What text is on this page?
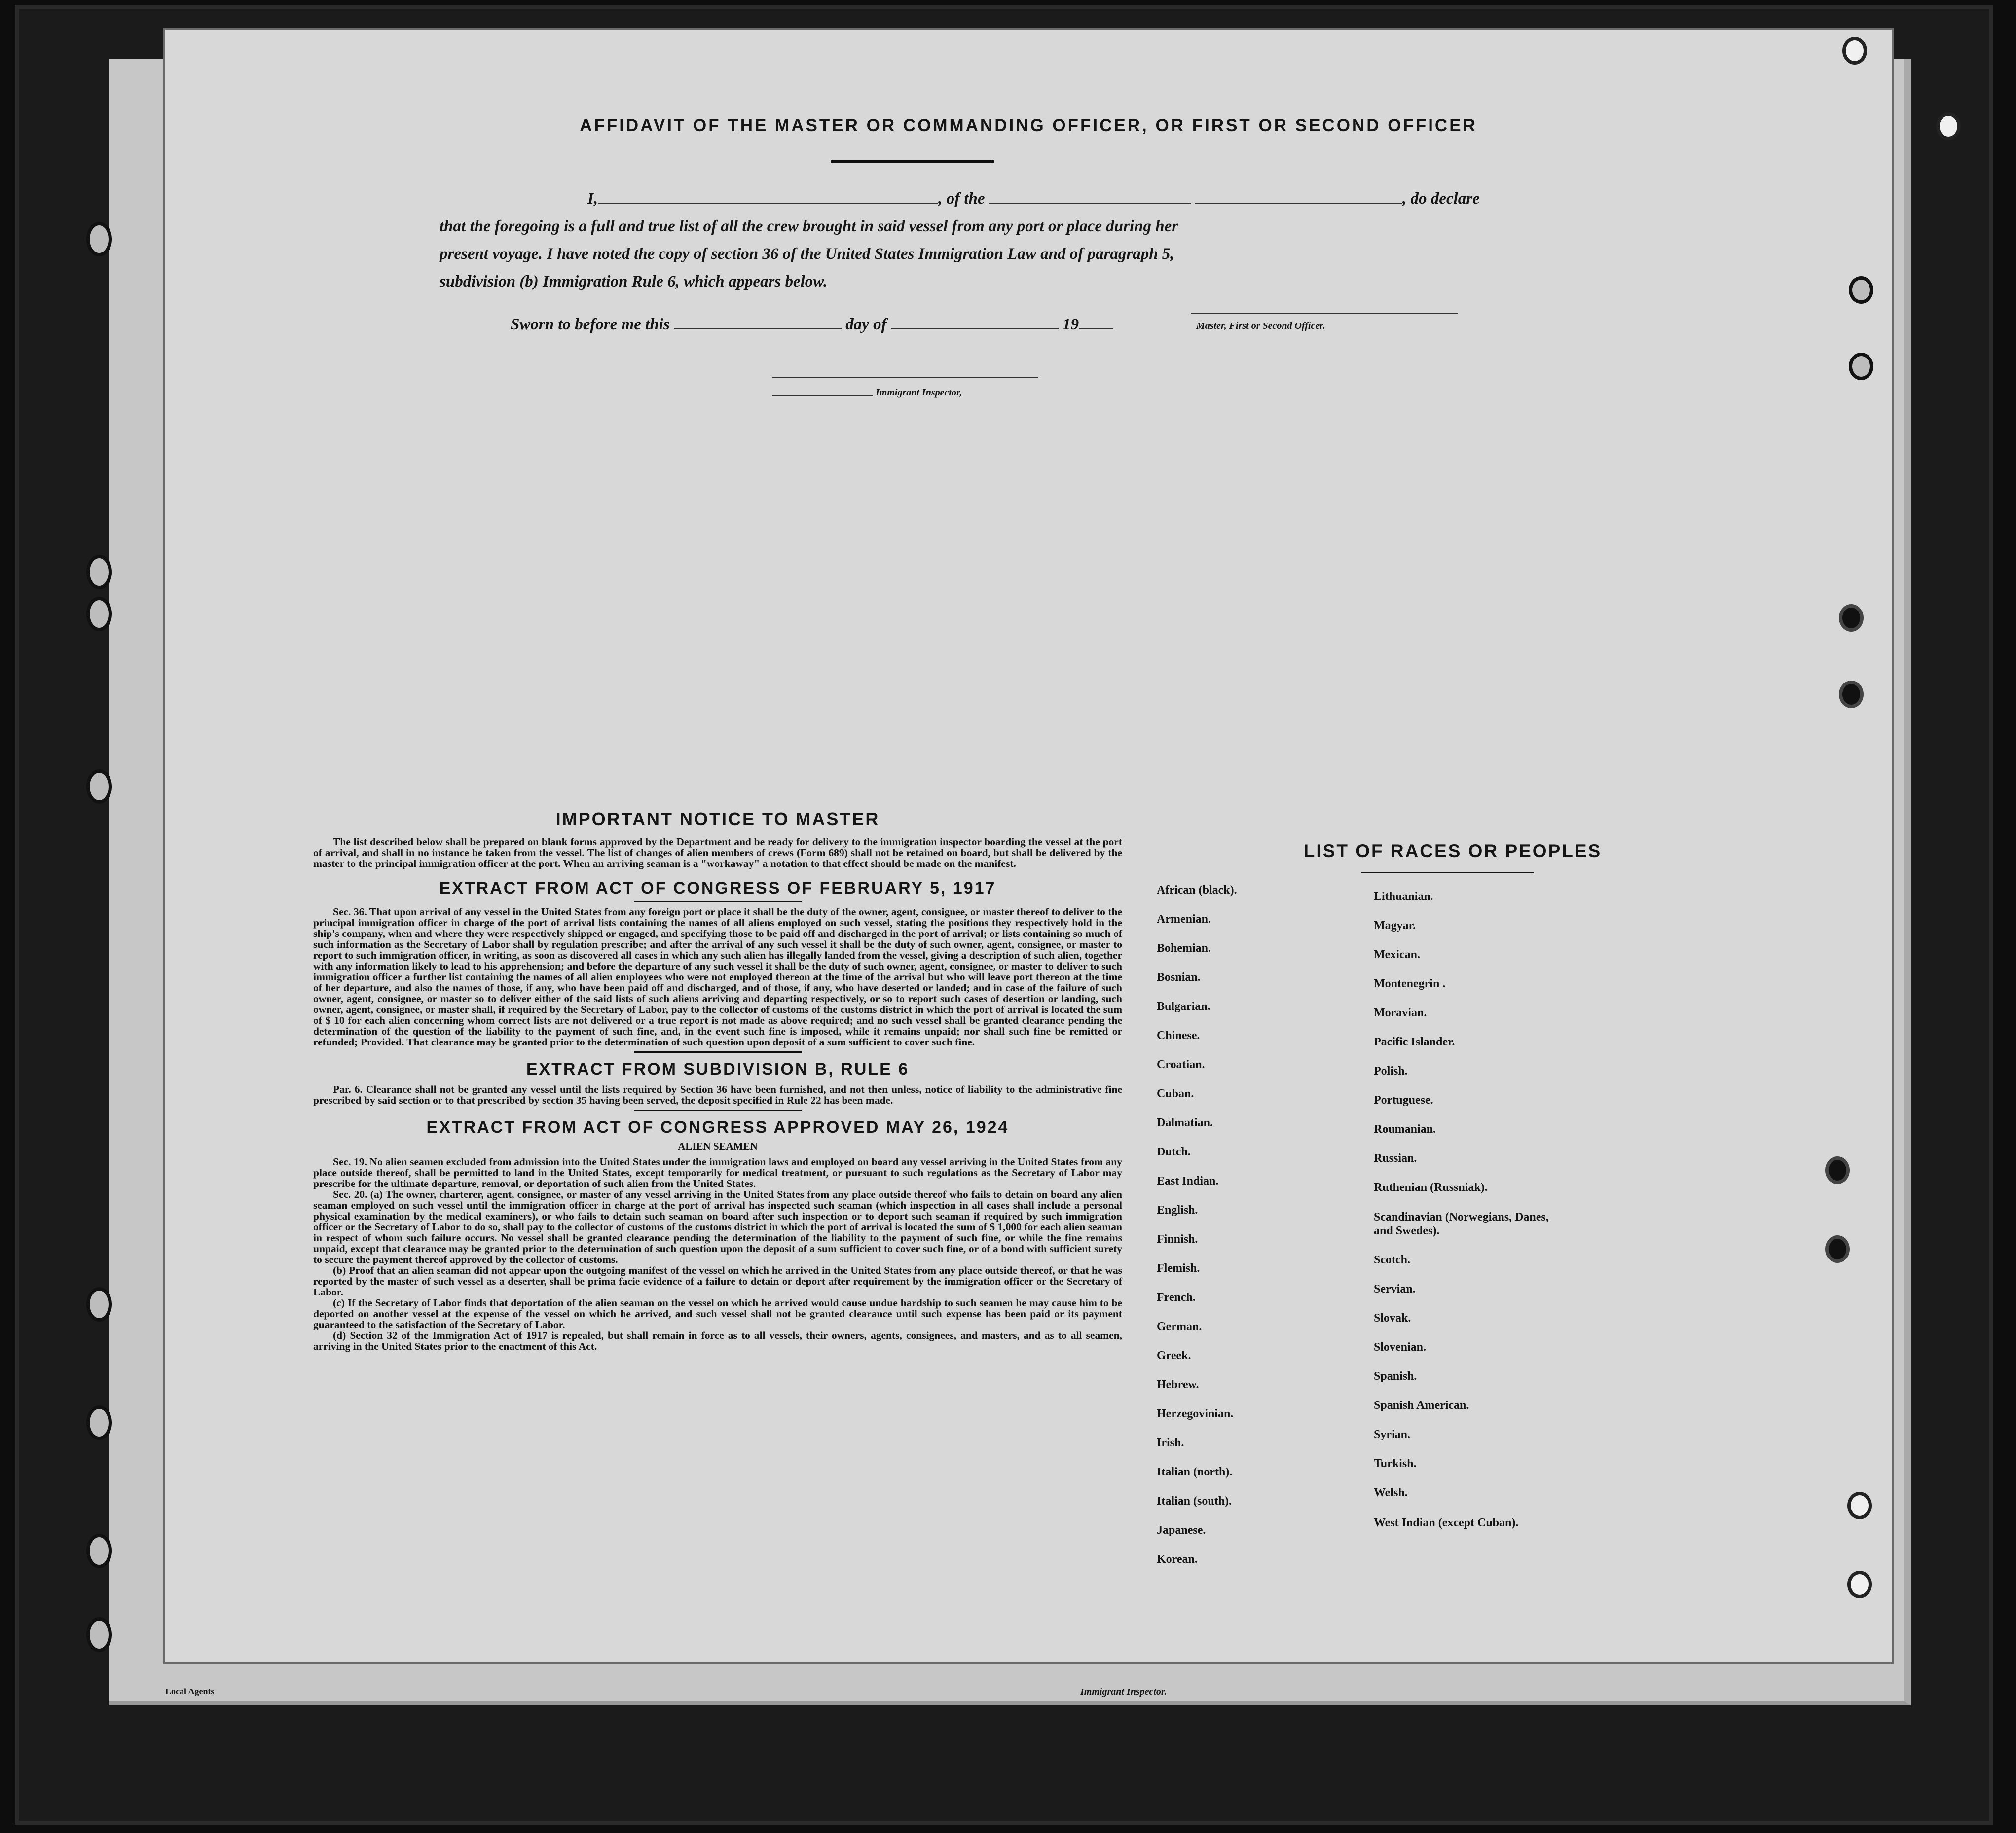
AFFIDAVIT OF THE MASTER OR COMMANDING OFFICER, OR FIRST OR SECOND OFFICER
I,	, of the	, do declare
that the foregoing is a full and true list of all the crew brought in said vessel from any port or place during her
present voyage. I have noted the copy of section 36 of the United States Immigration Law and of paragraph 5,
subdivision (b) Immigration Rule 6, which appears below.
Master, First or Second Officer.
Sworn to before me this	day of	19
Immigrant Inspector,
IMPORTANT NOTICE TO MASTER

The list described below shall be prepared on blank forms approved by the Department and be ready for delivery to the immigration inspector boarding the vessel at the port of arrival, and shall in no instance be taken from the vessel. The list of changes of alien members of crews (Form 689) shall not be retained on board, but shall be delivered by the master to the principal immigration officer at the port. When an arriving seaman is a "workaway" a notation to that effect should be made on the manifest.

EXTRACT FROM ACT OF CONGRESS OF FEBRUARY 5, 1917

Sec. 36. That upon arrival of any vessel in the United States from any foreign port or place it shall be the duty of the owner, agent, consignee, or master thereof to deliver to the principal immigration officer in charge of the port of arrival lists containing the names of all aliens employed on such vessel, stating the positions they respectively hold in the ship's company, when and where they were respectively shipped or engaged, and specifying those to be paid off and discharged in the port of arrival; or lists containing so much of such information as the Secretary of Labor shall by regulation prescribe; and after the arrival of any such vessel it shall be the duty of such owner, agent, consignee, or master to report to such immigration officer, in writing, as soon as discovered all cases in which any such alien has illegally landed from the vessel, giving a description of such alien, together with any information likely to lead to his apprehension; and before the departure of any such vessel it shall be the duty of such owner, agent, consignee, or master to deliver to such immigration officer a further list containing the names of all alien employees who were not employed thereon at the time of the arrival but who will leave port thereon at the time of her departure, and also the names of those, if any, who have been paid off and discharged, and of those, if any, who have deserted or landed; and in case of the failure of such owner, agent, consignee, or master so to deliver either of the said lists of such aliens arriving and departing respectively, or so to report such cases of desertion or landing, such owner, agent, consignee, or master shall, if required by the Secretary of Labor, pay to the collector of customs of the customs district in which the port of arrival is located the sum of $ 10 for each alien concerning whom correct lists are not delivered or a true report is not made as above required; and no such vessel shall be granted clearance pending the determination of the question of the liability to the payment of such fine, and, in the event such fine is imposed, while it remains unpaid; nor shall such fine be remitted or refunded; Provided. That clearance may be granted prior to the determination of such question upon deposit of a sum sufficient to cover such fine.

EXTRACT FROM SUBDIVISION B, RULE 6

Par. 6. Clearance shall not be granted any vessel until the lists required by Section 36 have been furnished, and not then unless, notice of liability to the administrative fine prescribed by said section or to that prescribed by section 35 having been served, the deposit specified in Rule 22 has been made.

EXTRACT FROM ACT OF CONGRESS APPROVED MAY 26, 1924
ALIEN SEAMEN

Sec. 19. No alien seamen excluded from admission into the United States under the immigration laws and employed on board any vessel arriving in the United States from any place outside thereof, shall be permitted to land in the United States, except temporarily for medical treatment, or pursuant to such regulations as the Secretary of Labor may prescribe for the ultimate departure, removal, or deportation of such alien from the United States.

Sec. 20. (a) The owner, charterer, agent, consignee, or master of any vessel arriving in the United States from any place outside thereof who fails to detain on board any alien seaman employed on such vessel until the immigration officer in charge at the port of arrival has inspected such seaman (which inspection in all cases shall include a personal physical examination by the medical examiners), or who fails to detain such seaman on board after such inspection or to deport such seaman if required by such immigration officer or the Secretary of Labor to do so, shall pay to the collector of customs of the customs district in which the port of arrival is located the sum of $ 1,000 for each alien seaman in respect of whom such failure occurs. No vessel shall be granted clearance pending the determination of the liability to the payment of such fine, or while the fine remains unpaid, except that clearance may be granted prior to the determination of such question upon the deposit of a sum sufficient to cover such fine, or of a bond with sufficient surety to secure the payment thereof approved by the collector of customs.

(b) Proof that an alien seaman did not appear upon the outgoing manifest of the vessel on which he arrived in the United States from any place outside thereof, or that he was reported by the master of such vessel as a deserter, shall be prima facie evidence of a failure to detain or deport after requirement by the immigration officer or the Secretary of Labor.

(c) If the Secretary of Labor finds that deportation of the alien seaman on the vessel on which he arrived would cause undue hardship to such seamen he may cause him to be deported on another vessel at the expense of the vessel on which he arrived, and such vessel shall not be granted clearance until such expense has been paid or its payment guaranteed to the satisfaction of the Secretary of Labor.

(d) Section 32 of the Immigration Act of 1917 is repealed, but shall remain in force as to all vessels, their owners, agents, consignees, and masters, and as to all seamen, arriving in the United States prior to the enactment of this Act.

LIST OF RACES OR PEOPLES
African (black).
Armenian.
Bohemian.
Bosnian.
Bulgarian.
Chinese.
Croatian.
Cuban.
Dalmatian.
Dutch.
East Indian.
English.
Finnish.
Flemish.
French.
German.
Greek.
Hebrew.
Herzegovinian.
Irish.
Italian (north).
Italian (south).
Japanese.
Korean.
Lithuanian.
Magyar.
Mexican.
Montenegrin .
Moravian.
Pacific Islander.
Polish.
Portuguese.
Roumanian.
Russian.
Ruthenian (Russniak).
Scandinavian (Norwegians, Danes, and Swedes).
Scotch.
Servian.
Slovak.
Slovenian.
Spanish.
Spanish American.
Syrian.
Turkish.
Welsh.
West Indian (except Cuban).
Local Agents	Immigrant Inspector.
